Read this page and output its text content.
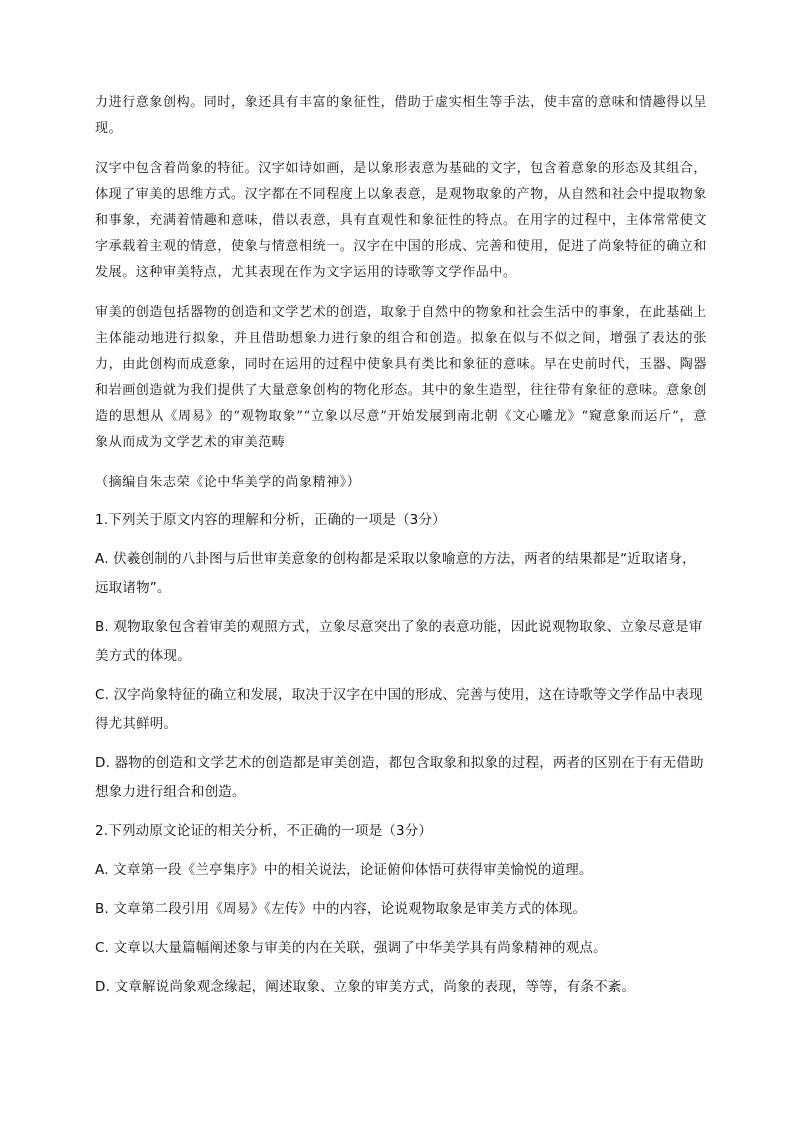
力进行意象创构。同时，象还具有丰富的象征性，借助于虚实相生等手法，使丰富的意味和情趣得以呈现。

汉字中包含着尚象的特征。汉字如诗如画，是以象形表意为基础的文字，包含着意象的形态及其组合，体现了审美的思维方式。汉字都在不同程度上以象表意，是观物取象的产物，从自然和社会中提取物象和事象，充满着情趣和意味，借以表意，具有直观性和象征性的特点。在用字的过程中，主体常常使文字承载着主观的情意，使象与情意相统一。汉字在中国的形成、完善和使用，促进了尚象特征的确立和发展。这种审美特点，尤其表现在作为文字运用的诗歌等文学作品中。

审美的创造包括器物的创造和文学艺术的创造，取象于自然中的物象和社会生活中的事象，在此基础上主体能动地进行拟象，并且借助想象力进行象的组合和创造。拟象在似与不似之间，增强了表达的张力，由此创构而成意象，同时在运用的过程中使象具有类比和象征的意味。早在史前时代，玉器、陶器和岩画创造就为我们提供了大量意象创构的物化形态。其中的象生造型，往往带有象征的意味。意象创造的思想从《周易》的“观物取象”“立象以尽意”开始发展到南北朝《文心雕龙》“窥意象而运斤”，意象从而成为文学艺术的审美范畴

（摘编自朱志荣《论中华美学的尚象精神》）

1.下列关于原文内容的理解和分析，正确的一项是（3分）

A. 伏羲创制的八卦图与后世审美意象的创构都是采取以象喻意的方法，两者的结果都是“近取诸身，远取诸物”。

B. 观物取象包含着审美的观照方式，立象尽意突出了象的表意功能，因此说观物取象、立象尽意是审美方式的体现。

C. 汉字尚象特征的确立和发展，取决于汉字在中国的形成、完善与使用，这在诗歌等文学作品中表现得尤其鲜明。

D. 器物的创造和文学艺术的创造都是审美创造，都包含取象和拟象的过程，两者的区别在于有无借助想象力进行组合和创造。

2.下列动原文论证的相关分析，不正确的一项是（3分）

A. 文章第一段《兰亭集序》中的相关说法，论证俯仰体悟可获得审美愉悦的道理。

B. 文章第二段引用《周易》《左传》中的内容，论说观物取象是审美方式的体现。

C. 文章以大量篇幅阐述象与审美的内在关联，强调了中华美学具有尚象精神的观点。

D. 文章解说尚象观念缘起，阐述取象、立象的审美方式，尚象的表现，等等，有条不紊。
